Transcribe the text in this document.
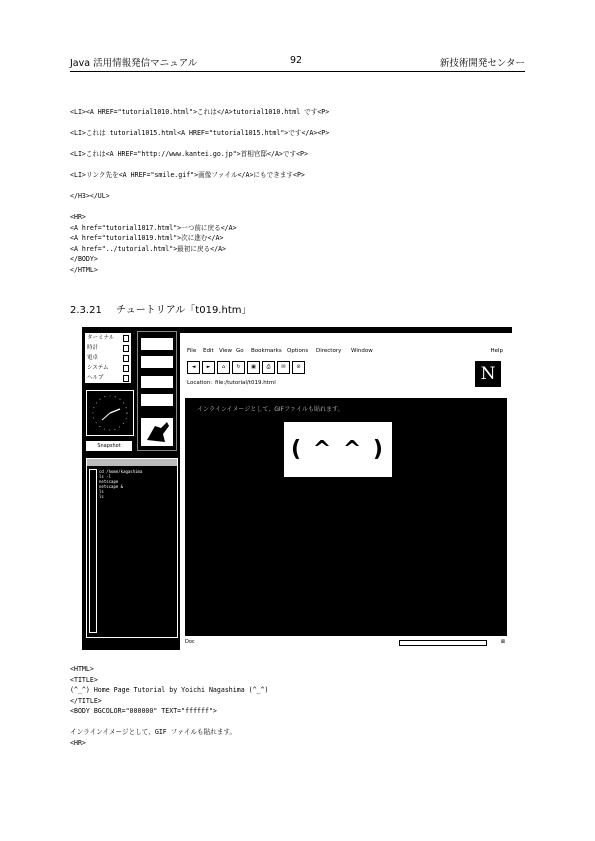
Java 活用情報発信マニュアル	92	新技術開発センター
<LI><A HREF="tutorial1010.html">これは</A>tutorial1010.html です<P>
<LI>これは tutorial1015.html<A HREF="tutorial1015.html">です</A><P>
<LI>これは<A HREF="http://www.kantei.go.jp">首相官邸</A>です<P>
<LI>リンク先を<A HREF="smile.gif">画像ファイル</A>にもできます<P>
</H3></UL>
<HR>
<A href="tutorial1017.html">一つ前に戻る</A>
<A href="tutorial1019.html">次に進む</A>
<A href="../tutorial.html">最初に戻る</A>
</BODY>
</HTML>
2.3.21 チュートリアル「t019.htm」
ターミナル
時計
電卓
システム
ヘルプ
Snapshot
cd /home/kagashima
ls -l
netscape
netscape &
ls
ls
File Edit View Go Bookmarks Options Directory Window	Help
◄	►	⌂	↻	▣	⎙	✉	⊘
Location: file:/tutorial/t019.html	N
インラインイメージとして、GIFファイルも貼れます。
( ^ ^ )
Doc	⊠
<HTML>
<TITLE>
(^_^) Home Page Tutorial by Yoichi Nagashima (^_^)
</TITLE>
<BODY BGCOLOR="000000" TEXT="ffffff">
インラインイメージとして、GIF ファイルも貼れます。
<HR>
